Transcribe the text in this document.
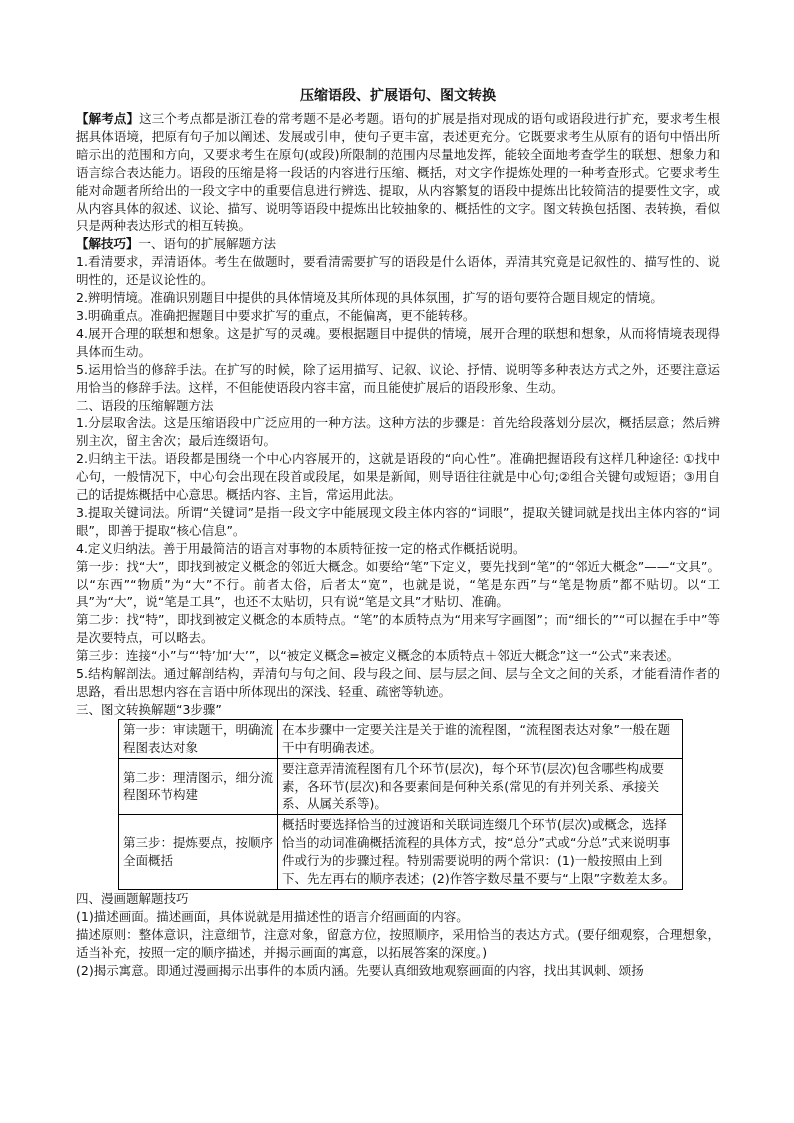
压缩语段、扩展语句、图文转换

【解考点】这三个考点都是浙江卷的常考题不是必考题。语句的扩展是指对现成的语句或语段进行扩充，要求考生根据具体语境，把原有句子加以阐述、发展或引申，使句子更丰富，表述更充分。它既要求考生从原有的语句中悟出所暗示出的范围和方向，又要求考生在原句(或段)所限制的范围内尽量地发挥，能较全面地考查学生的联想、想象力和语言综合表达能力。语段的压缩是将一段话的内容进行压缩、概括，对文字作提炼处理的一种考查形式。它要求考生能对命题者所给出的一段文字中的重要信息进行辨选、提取，从内容繁复的语段中提炼出比较简洁的提要性文字，或从内容具体的叙述、议论、描写、说明等语段中提炼出比较抽象的、概括性的文字。图文转换包括图、表转换，看似只是两种表达形式的相互转换。

【解技巧】一、语句的扩展解题方法

1.看清要求，弄清语体。考生在做题时，要看清需要扩写的语段是什么语体，弄清其究竟是记叙性的、描写性的、说明性的，还是议论性的。

2.辨明情境。准确识别题目中提供的具体情境及其所体现的具体氛围，扩写的语句要符合题目规定的情境。

3.明确重点。准确把握题目中要求扩写的重点，不能偏离，更不能转移。

4.展开合理的联想和想象。这是扩写的灵魂。要根据题目中提供的情境，展开合理的联想和想象，从而将情境表现得具体而生动。

5.运用恰当的修辞手法。在扩写的时候，除了运用描写、记叙、议论、抒情、说明等多种表达方式之外，还要注意运用恰当的修辞手法。这样，不但能使语段内容丰富，而且能使扩展后的语段形象、生动。

二、语段的压缩解题方法

1.分层取舍法。这是压缩语段中广泛应用的一种方法。这种方法的步骤是：首先给段落划分层次，概括层意；然后辨别主次，留主舍次；最后连缀语句。

2.归纳主干法。语段都是围绕一个中心内容展开的，这就是语段的“向心性”。准确把握语段有这样几种途径: ①找中心句，一般情况下，中心句会出现在段首或段尾，如果是新闻，则导语往往就是中心句;②组合关键句或短语；③用自己的话提炼概括中心意思。概括内容、主旨，常运用此法。

3.提取关键词法。所谓“关键词”是指一段文字中能展现文段主体内容的“词眼”，提取关键词就是找出主体内容的“词眼”，即善于提取“核心信息”。

4.定义归纳法。善于用最简洁的语言对事物的本质特征按一定的格式作概括说明。

第一步：找“大”，即找到被定义概念的邻近大概念。如要给“笔”下定义，要先找到“笔”的“邻近大概念”——“文具”。以“东西”“物质”为“大”不行。前者太俗，后者太“宽”，也就是说，“笔是东西”与“笔是物质”都不贴切。以“工具”为“大”，说“笔是工具”，也还不太贴切，只有说“笔是文具”才贴切、准确。

第二步：找“特”，即找到被定义概念的本质特点。“笔”的本质特点为“用来写字画图”；而“细长的”“可以握在手中”等是次要特点，可以略去。

第三步：连接“小”与“‘特’加‘大’”，以“被定义概念=被定义概念的本质特点＋邻近大概念”这一“公式”来表述。

5.结构解剖法。通过解剖结构，弄清句与句之间、段与段之间、层与层之间、层与全文之间的关系，才能看清作者的思路，看出思想内容在言语中所体现出的深浅、轻重、疏密等轨迹。

三、图文转换解题“3步骤”

第一步：审读题干，明确流程图表达对象	在本步骤中一定要关注是关于谁的流程图，“流程图表达对象”一般在题干中有明确表述。
第二步：理清图示，细分流程图环节构建	要注意弄清流程图有几个环节(层次)，每个环节(层次)包含哪些构成要素，各环节(层次)和各要素间是何种关系(常见的有并列关系、承接关系、从属关系等)。
第三步：提炼要点，按顺序全面概括	概括时要选择恰当的过渡语和关联词连缀几个环节(层次)或概念，选择恰当的动词准确概括流程的具体方式，按“总分”式或“分总”式来说明事件或行为的步骤过程。特别需要说明的两个常识：(1)一般按照由上到下、先左再右的顺序表述；(2)作答字数尽量不要与“上限”字数差太多。

四、漫画题解题技巧

(1)描述画面。描述画面，具体说就是用描述性的语言介绍画面的内容。

描述原则：整体意识，注意细节，注意对象，留意方位，按照顺序，采用恰当的表达方式。(要仔细观察，合理想象，适当补充，按照一定的顺序描述，并揭示画面的寓意，以拓展答案的深度。)

(2)揭示寓意。即通过漫画揭示出事件的本质内涵。先要认真细致地观察画面的内容，找出其讽刺、颂扬
